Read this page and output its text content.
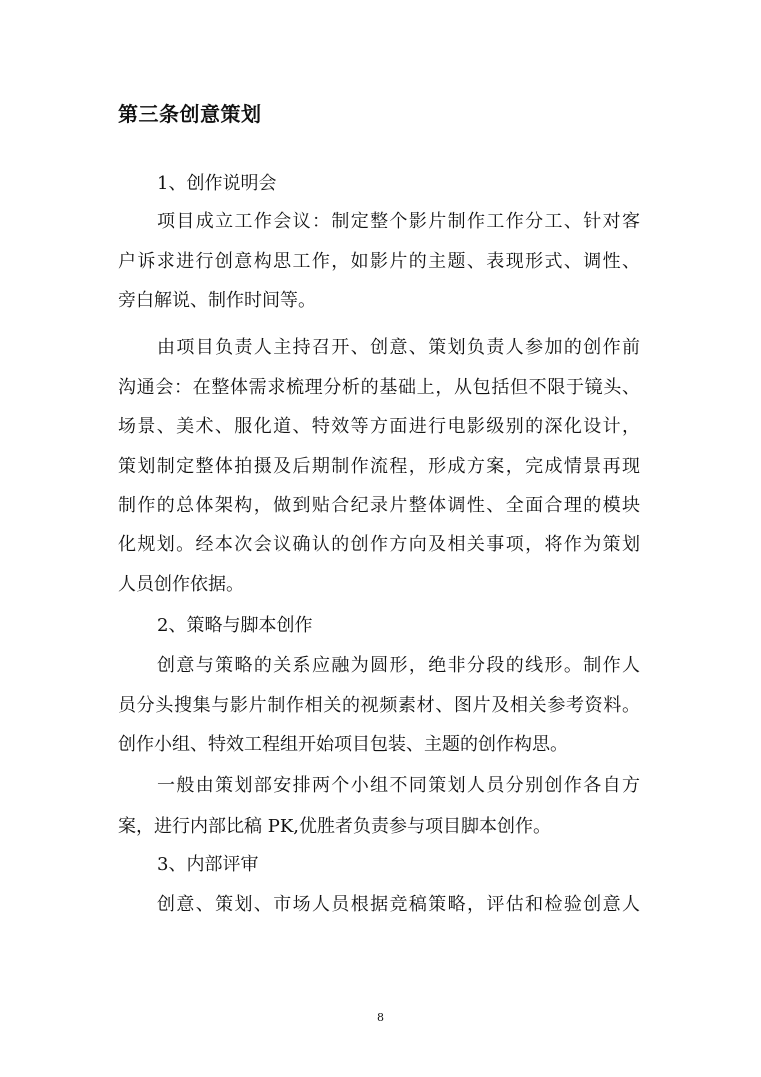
第三条创意策划
1、创作说明会
项目成立工作会议：制定整个影片制作工作分工、针对客
户诉求进行创意构思工作，如影片的主题、表现形式、调性、
旁白解说、制作时间等。
由项目负责人主持召开、创意、策划负责人参加的创作前
沟通会：在整体需求梳理分析的基础上，从包括但不限于镜头、
场景、美术、服化道、特效等方面进行电影级别的深化设计，
策划制定整体拍摄及后期制作流程，形成方案，完成情景再现
制作的总体架构，做到贴合纪录片整体调性、全面合理的模块
化规划。经本次会议确认的创作方向及相关事项，将作为策划
人员创作依据。
2、策略与脚本创作
创意与策略的关系应融为圆形，绝非分段的线形。制作人
员分头搜集与影片制作相关的视频素材、图片及相关参考资料。
创作小组、特效工程组开始项目包装、主题的创作构思。
一般由策划部安排两个小组不同策划人员分别创作各自方
案，进行内部比稿 PK,优胜者负责参与项目脚本创作。
3、内部评审
创意、策划、市场人员根据竞稿策略，评估和检验创意人
8
